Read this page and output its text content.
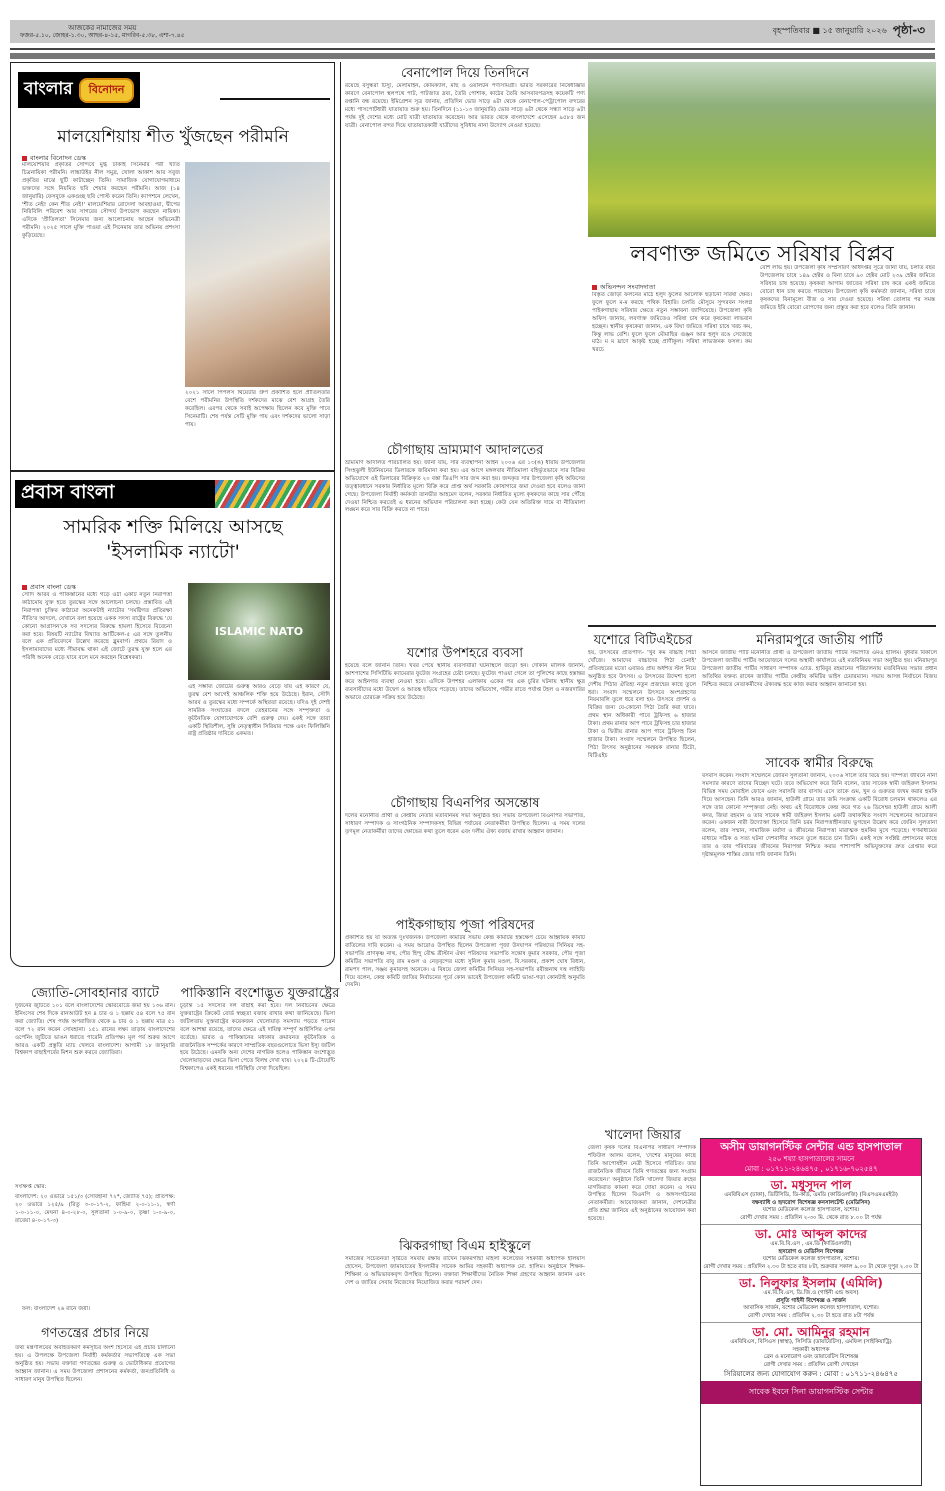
আজকের নামাজের সময়
ফজর-৫.১০, জোহর-১.৩০, আছর-৪-১৫, মাগরিব-৫.৩৮, এশা-৭.৪৫	বৃহস্পতিবার ■ ১৫ জানুয়ারি ২০২৬ পৃষ্ঠা-৩
বাংলার	বিনোদন
মালয়েশিয়ায় শীত খুঁজছেন পরীমনি
বাংলার বিনোদন ডেস্ক
মালয়েশিয়ার প্রকৃতির সৌন্দর্যে মুগ্ধ ঢাকাই সিনেমার পরী খ্যাত চিত্রনায়িকা পরীমনি। লাঙ্কাউইর নীল সমুদ্র, খোলা আকাশ আর সবুজ প্রকৃতির মাঝে ছুটি কাটাচ্ছেন তিনি। সামাজিক যোগাযোগমাধ্যমে ভক্তদের সঙ্গে নিয়মিত ছবি শেয়ার করছেন পরীমনি। আজ (১৪ জানুয়ারি) ফেসবুকে একগুচ্ছ ছবি পোস্ট করেন তিনি। ক্যাপশনে লেখেন, 'শীত নেই! কেন শীত নেই!' মালয়েশিয়ার রোদেলা আবহাওয়া, দ্বীপের নিরিবিলি পরিবেশ আর সাগরের সৌন্দর্য উপভোগ করছেন নায়িকা। এদিকে 'প্রীতিলতা' সিনেমার জন্য আলোচনায় আছেন অভিনেত্রী পরীমনি। ২০২৫ সালে মুক্তি পাওয়া এই সিনেমায় তার অভিনয় প্রশংসা কুড়িয়েছে।
২০২১ সালে পিপলস থিয়েটার গ্রুপ প্রকাশিত হলে প্রীতিলতার বেশে পরীমনির উপস্থিতি দর্শকদের মাঝে বেশ আগ্রহ তৈরি করেছিল। এরপর থেকে সবাই অপেক্ষায় ছিলেন কবে মুক্তি পাবে সিনেমাটি। শেষ পর্যন্ত সেটি মুক্তি পায় এবং দর্শকদের ভালো সাড়া পায়।
প্রবাস বাংলা
সামরিক শক্তি মিলিয়ে আসছে
'ইসলামিক ন্যাটো'
প্রবাস বাংলা ডেস্ক
সৌদি আরব ও পাকিস্তানের মধ্যে গড়ে ওঠা একটি নতুন নিরাপত্তা কাঠামোয় যুক্ত হতে তুরস্কের সঙ্গে আলোচনা চলছে। প্রস্তাবিত এই নিরাপত্তা চুক্তির কাঠামো অনেকটাই ন্যাটোর 'সমষ্টিগত প্রতিরক্ষা নীতি'র আদলে, যেখানে বলা হয়েছে একক সদস্য রাষ্ট্রের বিরুদ্ধে 'যে কোনো আগ্রাসন'কে সব সদস্যের বিরুদ্ধে হামলা হিসেবে বিবেচনা করা হবে। বিষয়টি ন্যাটোর বিখ্যাত আর্টিকেল-৫ এর সঙ্গে তুলনীয় বলে এক প্রতিবেদনে উল্লেখ করেছে ব্লুমবার্গ। প্রথমে রিয়াদ ও ইসলামাবাদের মধ্যে সীমাবদ্ধ থাকা এই জোটে তুরস্ক যুক্ত হলে এর পরিধি অনেক বেড়ে যাবে বলে মনে করছেন বিশ্লেষকরা।
ISLAMIC NATO
এই সম্ভাব্য জোটের গুরুত্ব আরও বেড়ে যায় এই কারণে যে, তুরস্ক বেশ আগেই আঞ্চলিক শক্তি হয়ে উঠেছে। ইরান, সৌদি আরব ও তুরস্কের মধ্যে সম্পর্কে অস্থিরতা রয়েছে। যদিও দুই দেশই সামরিক সংঘাতের বদলে তেহরানের সঙ্গে সম্পৃক্ততা ও কূটনৈতিক যোগাযোগকে বেশি গুরুত্ব দেয়। একই সঙ্গে তারা একটি স্থিতিশীল, সুন্নি নেতৃত্বাধীন সিরিয়ার পক্ষে এবং ফিলিস্তিনি রাষ্ট্র প্রতিষ্ঠার দাবিতে একমত।
জ্যোতি-সোবহানার ব্যাটে
দুজনের জুটিতে ১০১ বলে বাংলাদেশের স্কোরবোর্ডে জমা হয় ১৩৬ রান। ইনিংসের শেষ দিকে রানআউট হন ৪ চার ও ১ ছক্কায় ৫৪ বলে ৭৫ রান করা জ্যোতি। শেষ পর্যন্ত অপরাজিত থেকে ৯ চার ও ১ ছক্কায় মাত্র ৫১ বলে ৭২ রান করেন সোবহানা। ১৫১ রানের লক্ষ্য তাড়ায় বাংলাদেশের ওপেনিং জুটিতে ভাঙন ধরাতে পারেনি প্রতিপক্ষ। মূল পর্ব শুরুর আগে আরও একটি প্রস্তুতি ম্যাচ খেলবে বাংলাদেশ। আগামী ১৮ জানুয়ারি বিশ্বকাপ বাছাইপর্বের মিশন শুরু করবে জ্যোতিরা।
সংক্ষিপ্ত স্কোর:
বাংলাদেশ: ২০ ওভারে ১৫১/৩ (সোবহানা ৭২*, জ্যোতি ৭৫); প্রতিপক্ষ: ২০ ওভারে ১২৫/৯ (রিতু ৩-০-১৭-২, ফাহিমা ২-০-১১-১, স্বর্ণা ১-০-১১-০, মেঘনা ৪-০-২৮-০, সুলতানা ১-০-৯-০, তৃষ্ণা ১-০-৯-০, রাবেয়া ৪-০-১৭-৩)
ফল: বাংলাদেশ ২৬ রানে জয়ী।
গণতন্ত্রের প্রচার নিয়ে
তথ্য মন্ত্রণালয়ের অবহিতকরণ কর্মসূচির অংশ হিসেবে এই প্রচার চালানো হয়। এ উপলক্ষে উপজেলা নির্বাহী কর্মকর্তার সভাপতিত্বে এক সভা অনুষ্ঠিত হয়। সভায় বক্তারা গণতন্ত্রের গুরুত্ব ও ভোটাধিকার প্রয়োগের আহ্বান জানান। এ সময় উপজেলা প্রশাসনের কর্মকর্তা, জনপ্রতিনিধি ও সাধারণ মানুষ উপস্থিত ছিলেন।
পাকিস্তানি বংশোদ্ভূত যুক্তরাষ্ট্রের
চূড়ান্ত ১৫ সদস্যের দল বাছাই করা হবে। দল নির্বাচনের ক্ষেত্রে যুক্তরাষ্ট্রের ক্রিকেট বোর্ড স্বচ্ছতা বজায় রাখার কথা জানিয়েছে। ভিসা জটিলতায় যুক্তরাষ্ট্রের কয়েকজন খেলোয়াড় সমস্যায় পড়তে পারেন বলে আশঙ্কা রয়েছে, তাদের ক্ষেত্রে এই দায়িত্ব সম্পূর্ণ আইসিসির ওপর বর্তেছে। ভারত ও পাকিস্তানের মধ্যকার ক্রমাবনত কূটনৈতিক ও রাজনৈতিক সম্পর্কের কারণে সাম্প্রতিক বছরগুলোতে ভিসা ইস্যু জটিল হয়ে উঠেছে। এমনকি অন্য দেশের নাগরিক হলেও পাকিস্তান বংশোদ্ভূত খেলোয়াড়দের ক্ষেত্রে ভিসা পেতে বিলম্ব দেখা যায়। ২০২৪ টি-টোয়েন্টি বিশ্বকাপেও একই ধরনের পরিস্থিতি দেখা দিয়েছিল।
বেনাপোল দিয়ে তিনদিনে
রয়েছে বসুন্ধরা টিস্যু, মেলামাইন, কেমিক্যাল, মাছ ও ওয়ালটন পণ্যসামগ্রী। ভারত সরকারের নিষেধাজ্ঞার কারণে বেনাপোল স্থলপথে পাট, পাটজাত দ্রব্য, তৈরি পোশাক, কাঠের তৈরি আসবাবপত্রসহ কয়েকটি পণ্য রপ্তানি বন্ধ রয়েছে। ইমিগ্রেশন সূত্র জানায়, প্রতিদিন ভোর সাড়ে ৬টা থেকে বেনাপোল-পেট্রাপোল বন্দরের মধ্যে পাসপোর্টধারী যাতায়াত শুরু হয়। তিনদিনে (১১-১৩ জানুয়ারি) ভোর সাড়ে ৬টা থেকে সন্ধ্যা সাড়ে ৬টা পর্যন্ত দুই দেশের মধ্যে মোট যাত্রী যাতায়াত করেছেন। আর ভারত থেকে বাংলাদেশে এসেছেন ৯৫৮৫ জন যাত্রী। বেনাপোল বন্দর দিয়ে যাতায়াতকারী যাত্রীদের সুবিধায় নানা উদ্যোগ নেওয়া হয়েছে।
চৌগাছায় ভ্রাম্যমাণ আদালতের
ভ্রাম্যমাণ আদালত পরিচালিত হয়। জানা যায়, সার ব্যবস্থাপনা আইন ২০০৬ এর ১৩(ঙ) ধারায় উপজেলার সিংহঝুলী ইউনিয়নের ডিলারকে জরিমানা করা হয়। এর আগে মঙ্গলবার নীতিমালা বহির্ভূতভাবে সার বিক্রির অভিযোগে ওই ডিলারের বিক্রিকৃত ২০ বস্তা ডিএপি সার জব্দ করা হয়। জব্দকৃত সার উপজেলা কৃষি অফিসের তত্ত্বাবধানে সরকার নির্ধারিত মূল্যে বিক্রি করে প্রাপ্ত অর্থ সরকারি কোষাগারে জমা দেওয়া হবে বলেও জানা গেছে। উপজেলা নির্বাহী কর্মকর্তা তানভীর আহমেদ বলেন, সরকার নির্ধারিত মূল্যে কৃষকদের কাছে সার পৌঁছে দেওয়া নিশ্চিত করতেই এ ধরনের অভিযান পরিচালনা করা হচ্ছে। কেউ যেন অতিরিক্ত দামে বা নীতিমালা লঙ্ঘন করে সার বিক্রি করতে না পারে।
যশোর উপশহরে ব্যবসা
হয়েছে বলে জানান তিনি। খবর পেয়ে স্থানীয় ব্যবসায়ীরা ঘটনাস্থলে জড়ো হন। দোকান মালিক জানান, আশপাশের সিসিটিভি ক্যামেরার ফুটেজ সংগ্রহের চেষ্টা চলছে। ফুটেজ পাওয়া গেলে তা পুলিশের কাছে হস্তান্তর করে আইনগত ব্যবস্থা নেওয়া হবে। এদিকে উপশহর এলাকায় একের পর এক চুরির ঘটনায় স্থানীয় ক্ষুদ্র ব্যবসায়ীদের মধ্যে উদ্বেগ ও আতঙ্ক ছড়িয়ে পড়েছে। তাদের অভিযোগ, গভীর রাতে পর্যাপ্ত টহল ও নজরদারির অভাবে চোরচক্র সক্রিয় হয়ে উঠেছে।
চৌগাছায় বিএনপির অসন্তোষ
দলের মনোনীত প্রার্থী ও কেন্দ্রীয় নেতার মতবিনিময় সভা অনুষ্ঠিত হয়। সভায় উপজেলা বিএনপির সভাপতি, সাধারণ সম্পাদক ও সাংগঠনিক সম্পাদকসহ বিভিন্ন পর্যায়ের নেতাকর্মীরা উপস্থিত ছিলেন। এ সময় দলের তৃণমূল নেতাকর্মীরা তাদের ক্ষোভের কথা তুলে ধরেন এবং দলীয় ঐক্য বজায় রাখার আহ্বান জানান।
পাইকগাছায় পূজা পরিষদের
প্রকাশিত হয় যা অত্যন্ত দুঃখজনক। উপজেলা কমিটির সভায় কেন্দ্র কমিটির হস্তক্ষেপ চেয়ে আহ্বায়ক কমিটি বাতিলের দাবি করেন। এ সময় আরোও উপস্থিত ছিলেন উপজেলা পূজা উদযাপন পরিষদের সিনিয়র সহ-সভাপতি প্রাণকৃষ্ণ নাথ, পৌর হিন্দু বৌদ্ধ খ্রীস্টান ঐক্য পরিষদের সভাপতি সন্তোষ কুমার সরকার, পৌর পূজা কমিটির সভাপতি বাবু রাম মণ্ডল ও নেতৃবৃন্দের মধ্যে সুনিল কুমার মণ্ডল, বি.সরকার, প্রকাশ ঘোষ বিধান, রামপদ পাল, সঞ্জয় কুমারসহ অনেকে। এ বিষয়ে জেলা কমিটির সিনিয়র সহ-সভাপতি রবীন্দ্রনাথ দত্ত লাহিড়ি দিয়ে বলেন, কেন্দ্র কমিটি জাতির নির্বাচনের পূর্বে কোন ভাবেই উপজেলা কমিটি ভাঙা-গড়া কোনটাই অনুমতি দেয়নি।
ঝিকরগাছা বিএম হাইস্কুলে
সমাজের সচেতনতা সৃষ্টিতে সমবায় রক্ষায় রাখেন ঝিকরগাছা মহিলা কলেজের সহকারী অধ্যাপক ইলিয়াস হোসেন, উপজেলা জামায়াতের ইসলামীর সাবেক আমির সহকারী অধ্যাপক মো. হালিম। অনুষ্ঠানে শিক্ষক-শিক্ষিকা ও অভিভাবকবৃন্দ উপস্থিত ছিলেন। বক্তারা শিক্ষার্থীদের নৈতিক শিক্ষা গ্রহণের আহ্বান জানান এবং দেশ ও জাতির সেবায় নিজেদের নিয়োজিত করার পরামর্শ দেন।
লবণাক্ত জমিতে সরিষার বিপ্লব
অভিনন্দন সংবাদদাতা
বিস্তৃত জোড়া ফলনের মাঠে হলুদ ফুলের আলোক ছড়ানো সরিষা ক্ষেত। ফুলে ফুলে ম-ম করছে পথিক বিহারি। চলতি মৌসুমে সুন্দরবন সংলগ্ন পাইকগাছায় সরিষার ক্ষেতে নতুন সম্ভাবনা জাগিয়েছে। উপজেলা কৃষি অফিস জানায়, লবণাক্ত জমিতেও সরিষা চাষ করে কৃষকেরা লাভবান হচ্ছেন। স্থানীয় কৃষকেরা জানান, এক বিঘা জমিতে সরিষা চাষে খরচ কম, কিন্তু লাভ বেশি। ফুলে ফুলে মৌমাছির গুঞ্জন আর হলুদ রঙে সেজেছে মাঠ। ম ম ঘ্রাণে আকৃষ্ট হচ্ছে প্রাণীকুল। সরিষা লাভজনক ফসল। কম খরচে
বেশি লাভ হয়। উপজেলা কৃষি সম্প্রসারণ অধিদপ্তর সূত্রে জানা যায়, চলতি বছর উপজেলায় চাষে ১৪৯ হেক্টর ও বিনা চাষে ৯০ হেক্টর মোট ২৩৯ হেক্টর জমিতে সরিষার চাষ হয়েছে। কৃষকরা আগাম জাতের সরিষা চাষ করে একই জমিতে বোরো ধান চাষ করতে পারছেন। উপজেলা কৃষি কর্মকর্তা জানান, সরিষা চাষে কৃষকদের বিনামূল্যে বীজ ও সার দেওয়া হয়েছে। সরিষা তোলার পর সমস্ত জমিতে ইরি বোরো রোপণের জন্য প্রস্তুত করা হবে বলেও তিনি জানান।
যশোরে বিটিএইচের
হয়, উৎসবের প্রতিপাদ্য- 'খুব কম বাচ্চাই পিঠা খোঁজে। আমাদের বাচ্চাদের পিঠা চেনাই' প্রতিবছরের মতো এবারও প্রায় অর্ধশত স্টল নিয়ে অনুষ্ঠিত হবে উৎসব। এ উৎসবের উদ্দেশ্য হলো দেশীয় পিঠার ঐতিহ্য নতুন প্রজন্মের কাছে তুলে ধরা। সংবাদ সম্মেলনে উৎসবে অংশগ্রহণের নিয়মাবলি তুলে ধরে বলা হয়- উৎসবে প্রদর্শন ও বিক্রির জন্য যে-কোনো পিঠা তৈরি করা যাবে। প্রথম স্থান অধিকারী পাবে ট্রফিসহ ৬ হাজার টাকা। প্রথম রানার আপ পাবে ট্রফিসহ চার হাজার টাকা ও দ্বিতীয় রানার আপ পাবে ট্রফিসহ তিন হাজার টাকা। সংবাদ সম্মেলনে উপস্থিত ছিলেন, পিঠা উৎসব অনুষ্ঠানের সমন্বয়ক রানার টিটো, বিটিএইচ
খালেদা জিয়ার
জেলা কৃষক দলের বিএনপির সাধারণ সম্পাদক শফিউল আলম বলেন, 'দেশের মানুষের কাছে তিনি আপোষহীন নেত্রী হিসেবে পরিচিত। তার রাজনৈতিক জীবনে তিনি গণতন্ত্রের জন্য সংগ্রাম করেছেন।' অনুষ্ঠানে তিনি খালেদা জিয়ার রুহের মাগফিরাত কামনা করে দোয়া করেন। এ সময় উপস্থিত ছিলেন বিএনপি ও অঙ্গসংগঠনের নেতাকর্মীরা। আয়োজকরা জানান, দেশনেত্রীর প্রতি শ্রদ্ধা জানিয়ে এই অনুষ্ঠানের আয়োজন করা হয়েছে।
মনিরামপুরে জাতীয় পার্টি
আসনে জাতীয় পার্টি মনোনীত প্রার্থী ও উপজেলা জাতীয় পার্টির সভাপতি এমএ হালিম। বুধবার বিকালে উপজেলা জাতীয় পার্টির আয়োজনে দলের অস্থায়ী কার্যালয়ে এই মতবিনিময় সভা অনুষ্ঠিত হয়। মনিরামপুর উপজেলা জাতীয় পার্টির সাধারণ সম্পাদক এ্যাড. হাবিবুর রহমানের পরিচালনায় মতবিনিময় সভার প্রধান অতিথির বক্তব্য রাখেন জাতীয় পার্টির কেন্দ্রীয় কমিটির ভাইস চেয়ারম্যান। সভায় আসন্ন নির্বাচনে বিজয় নিশ্চিত করতে নেতাকর্মীদের ঐক্যবদ্ধ হয়ে কাজ করার আহ্বান জানানো হয়।
সাবেক স্বামীর বিরুদ্ধে
বসবাস করেন। সংবাদ সম্মেলনে জেরিন সুলতানা জানান, ২০০৬ সালে তার বিয়ে হয়। দাম্পত্য জীবনে নানা সমস্যার কারণে তাদের বিচ্ছেদ ঘটে। তবে অভিযোগ করে তিনি বলেন, তার সাবেক স্বামী জহিরুল ইসলাম বিভিন্ন সময় মোবাইল ফোনে এবং সরাসরি তার বাসায় এসে তাকে গুম, খুন ও গুরুতর জখম করার হুমকি দিয়ে আসছেন। তিনি আরও জানান, হাউলী গ্রামে তার জমি সংক্রান্ত একটি বিরোধ চলমান থাকলেও এর সঙ্গে তার কোনো সম্পৃক্ততা নেই। অথচ এই বিরোধকে কেন্দ্র করে গত ২৬ ডিসেম্বর হাউলী গ্রামে আলী কদর, জিয়া রহমান ও তার সাবেক স্বামী জহিরুল ইসলাম একটি তথাকথিত সংবাদ সম্মেলনের আয়োজন করেন। একজন নারী উদ্যোক্তা হিসেবে তিনি চরম নিরাপত্তাহীনতায় ভুগছেন উল্লেখ করে জেরিন সুলতানা বলেন, তার সম্মান, সামাজিক মর্যাদা ও জীবনের নিরাপত্তা মারাত্মক হুমকির মুখে পড়েছে। গণমাধ্যমের মাধ্যমে সঠিক ও সত্য ঘটনা দেশবাসীর সামনে তুলে ধরতে চান তিনি। একই সঙ্গে সংশ্লিষ্ট প্রশাসনের কাছে তার ও তার পরিবারের জীবনের নিরাপত্তা নিশ্চিত করার পাশাপাশি অভিযুক্তদের দ্রুত গ্রেপ্তার করে দৃষ্টান্তমূলক শাস্তির জোর দাবি জানান তিনি।
অসীম ডায়াগনস্টিক সেন্টার এন্ড হাসপাতাল
২৫০ শয্যা হাসপাতালের সামনে
মোবা : ০১৭১১-২৪৬৪৭৫ , ০১৭১৬-৭০২৫৪৭
ডা. মধুসূদন পাল
এমবিবিএস (ঢাকা), ডিটিসিডি, ডি-কার্ড, এমডি (কার্ডিওলজি) (বিএসএমএমইউ)
বক্ষব্যাধি ও হৃদরোগ বিশেষজ্ঞ কনসালটেন্ট (মেডিসিন)
যশোর মেডিকেল কলেজ হাসপাতাল, যশোর।
রোগী দেখার সময় : প্রতিদিন ২-৩০ মি. থেকে রাত ৮.০০ টা পর্যন্ত
ডা. মোঃ আব্দুল কাদের
এম.বি.বি.এস , এম.ডি (কার্ডিওলজী)
হৃদরোগ ও মেডিসিন বিশেষজ্ঞ
যশোর মেডিকেল কলেজ হাসপাতাল, যশোর।
রোগী দেখার সময় : প্রতিদিন ২.৩০ টা হতে রাত ৮টা, শুক্রবার সকাল ৯.০০ টা থেকে দুপুর ২.০০ টা
ডা. নিলুফার ইসলাম (এমিলি)
এম.বি.বি.এস, ডি.জি.ও (গাইনী এন্ড অবস)
প্রসূতি গাইনী বিশেষজ্ঞ ও সার্জন
আবাসিক সার্জন, যশোর মেডিকেল কলেজ হাসপাতাল, যশোর।
রোগী দেখার সময় : প্রতিদিন ২.৩০ টা হতে রাত ৮টা পর্যন্ত
ডা. মো. আমিনুর রহমান
এমবিবিএস, বিসিএস (স্বাস্থ্য), সিসিডি (ডায়াবেটিস), এমফিল (সাইকিয়াট্রি)
সহকারী অধ্যাপক
ব্রেন ও মনোরোগ এবং ডায়াবেটিস বিশেষজ্ঞ
রোগী দেখার সময় : প্রতিদিন রোগী দেখছেন
সিরিয়ালের জন্য যোগাযোগ করুন : মোবা : ০১৭১১-২৪৬৪৭৫
সাবেক ইবনে সিনা ডায়াগনস্টিক সেন্টার
